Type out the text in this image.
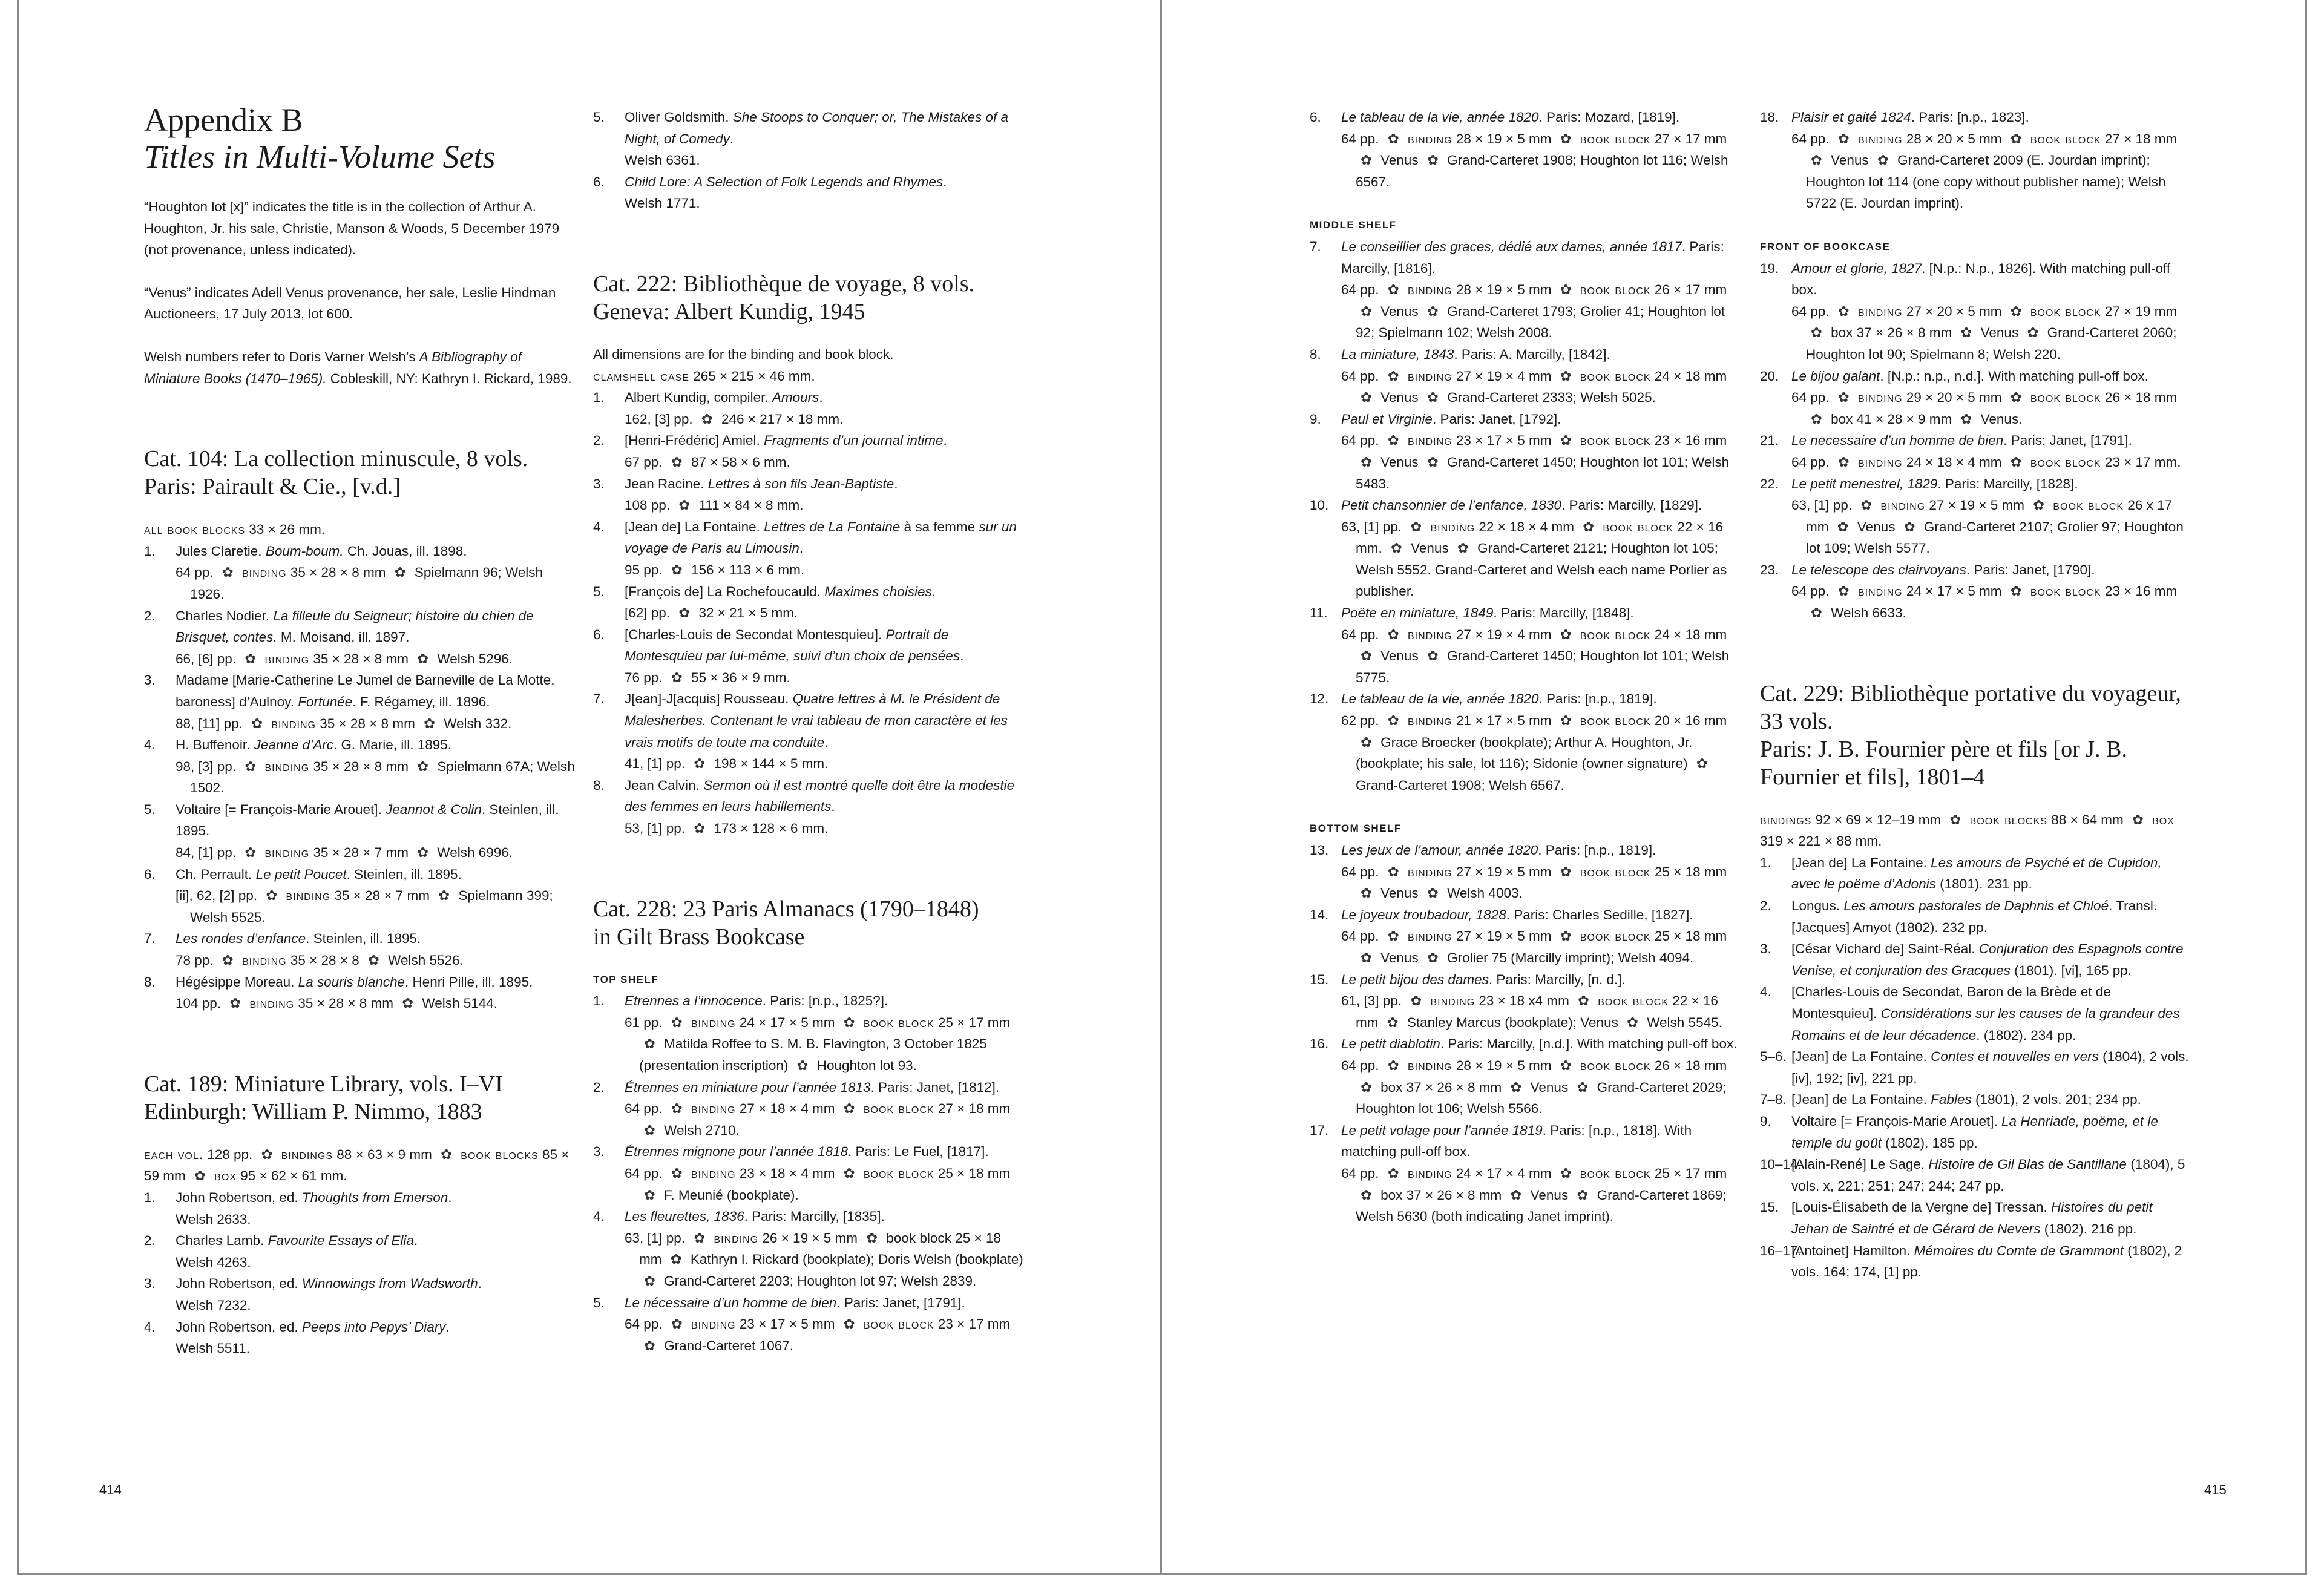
Appendix B
Titles in Multi-Volume Sets
“Houghton lot [x]” indicates the title is in the collection of Arthur A. Houghton, Jr. his sale, Christie, Manson & Woods, 5 December 1979 (not provenance, unless indicated).
“Venus” indicates Adell Venus provenance, her sale, Leslie Hindman Auctioneers, 17 July 2013, lot 600.
Welsh numbers refer to Doris Varner Welsh’s A Bibliography of Miniature Books (1470–1965). Cobleskill, NY: Kathryn I. Rickard, 1989.
Cat. 104: La collection minuscule, 8 vols.
Paris: Pairault & Cie., [v.d.]
all book blocks 33 × 26 mm.
1. Jules Claretie. Boum-boum. Ch. Jouas, ill. 1898.
64 pp. ✿ binding 35 × 28 × 8 mm ✿ Spielmann 96; Welsh 1926.
2. Charles Nodier. La filleule du Seigneur; histoire du chien de Brisquet, contes. M. Moisand, ill. 1897.
66, [6] pp. ✿ binding 35 × 28 × 8 mm ✿ Welsh 5296.
3. Madame [Marie-Catherine Le Jumel de Barneville de La Motte, baroness] d’Aulnoy. Fortunée. F. Régamey, ill. 1896.
88, [11] pp. ✿ binding 35 × 28 × 8 mm ✿ Welsh 332.
4. H. Buffenoir. Jeanne d’Arc. G. Marie, ill. 1895.
98, [3] pp. ✿ binding 35 × 28 × 8 mm ✿ Spielmann 67A; Welsh 1502.
5. Voltaire [= François-Marie Arouet]. Jeannot & Colin. Steinlen, ill. 1895.
84, [1] pp. ✿ binding 35 × 28 × 7 mm ✿ Welsh 6996.
6. Ch. Perrault. Le petit Poucet. Steinlen, ill. 1895.
[ii], 62, [2] pp. ✿ binding 35 × 28 × 7 mm ✿ Spielmann 399; Welsh 5525.
7. Les rondes d’enfance. Steinlen, ill. 1895.
78 pp. ✿ binding 35 × 28 × 8 ✿ Welsh 5526.
8. Hégésippe Moreau. La souris blanche. Henri Pille, ill. 1895.
104 pp. ✿ binding 35 × 28 × 8 mm ✿ Welsh 5144.
Cat. 189: Miniature Library, vols. I–VI
Edinburgh: William P. Nimmo, 1883
each vol. 128 pp. ✿ bindings 88 × 63 × 9 mm ✿ book blocks 85 × 59 mm ✿ box 95 × 62 × 61 mm.
1. John Robertson, ed. Thoughts from Emerson.
Welsh 2633.
2. Charles Lamb. Favourite Essays of Elia.
Welsh 4263.
3. John Robertson, ed. Winnowings from Wadsworth.
Welsh 7232.
4. John Robertson, ed. Peeps into Pepys’ Diary.
Welsh 5511.
5. Oliver Goldsmith. She Stoops to Conquer; or, The Mistakes of a Night, of Comedy.
Welsh 6361.
6. Child Lore: A Selection of Folk Legends and Rhymes.
Welsh 1771.
Cat. 222: Bibliothèque de voyage, 8 vols.
Geneva: Albert Kundig, 1945
All dimensions are for the binding and book block.
clamshell case 265 × 215 × 46 mm.
1. Albert Kundig, compiler. Amours.
162, [3] pp. ✿ 246 × 217 × 18 mm.
2. [Henri-Frédéric] Amiel. Fragments d’un journal intime.
67 pp. ✿ 87 × 58 × 6 mm.
3. Jean Racine. Lettres à son fils Jean-Baptiste.
108 pp. ✿ 111 × 84 × 8 mm.
4. [Jean de] La Fontaine. Lettres de La Fontaine à sa femme sur un voyage de Paris au Limousin.
95 pp. ✿ 156 × 113 × 6 mm.
5. [François de] La Rochefoucauld. Maximes choisies.
[62] pp. ✿ 32 × 21 × 5 mm.
6. [Charles-Louis de Secondat Montesquieu]. Portrait de Montesquieu par lui-même, suivi d’un choix de pensées.
76 pp. ✿ 55 × 36 × 9 mm.
7. J[ean]-J[acquis] Rousseau. Quatre lettres à M. le Président de Malesherbes. Contenant le vrai tableau de mon caractère et les vrais motifs de toute ma conduite.
41, [1] pp. ✿ 198 × 144 × 5 mm.
8. Jean Calvin. Sermon où il est montré quelle doit être la modestie des femmes en leurs habillements.
53, [1] pp. ✿ 173 × 128 × 6 mm.
Cat. 228: 23 Paris Almanacs (1790–1848)
in Gilt Brass Bookcase
TOP SHELF
1. Etrennes a l’innocence. Paris: [n.p., 1825?].
61 pp. ✿ binding 24 × 17 × 5 mm ✿ book block 25 × 17 mm ✿ Matilda Roffee to S. M. B. Flavington, 3 October 1825 (presentation inscription) ✿ Houghton lot 93.
2. Étrennes en miniature pour l’année 1813. Paris: Janet, [1812].
64 pp. ✿ binding 27 × 18 × 4 mm ✿ book block 27 × 18 mm ✿ Welsh 2710.
3. Étrennes mignone pour l’année 1818. Paris: Le Fuel, [1817].
64 pp. ✿ binding 23 × 18 × 4 mm ✿ book block 25 × 18 mm ✿ F. Meunié (bookplate).
4. Les fleurettes, 1836. Paris: Marcilly, [1835].
63, [1] pp. ✿ binding 26 × 19 × 5 mm ✿ book block 25 × 18 mm ✿ Kathryn I. Rickard (bookplate); Doris Welsh (bookplate) ✿ Grand-Carteret 2203; Houghton lot 97; Welsh 2839.
5. Le nécessaire d’un homme de bien. Paris: Janet, [1791].
64 pp. ✿ binding 23 × 17 × 5 mm ✿ book block 23 × 17 mm ✿ Grand-Carteret 1067.
6. Le tableau de la vie, année 1820. Paris: Mozard, [1819].
64 pp. ✿ binding 28 × 19 × 5 mm ✿ book block 27 × 17 mm ✿ Venus ✿ Grand-Carteret 1908; Houghton lot 116; Welsh 6567.
MIDDLE SHELF
7. Le conseillier des graces, dédié aux dames, année 1817. Paris: Marcilly, [1816].
64 pp. ✿ binding 28 × 19 × 5 mm ✿ book block 26 × 17 mm ✿ Venus ✿ Grand-Carteret 1793; Grolier 41; Houghton lot 92; Spielmann 102; Welsh 2008.
8. La miniature, 1843. Paris: A. Marcilly, [1842].
64 pp. ✿ binding 27 × 19 × 4 mm ✿ book block 24 × 18 mm ✿ Venus ✿ Grand-Carteret 2333; Welsh 5025.
9. Paul et Virginie. Paris: Janet, [1792].
64 pp. ✿ binding 23 × 17 × 5 mm ✿ book block 23 × 16 mm ✿ Venus ✿ Grand-Carteret 1450; Houghton lot 101; Welsh 5483.
10. Petit chansonnier de l’enfance, 1830. Paris: Marcilly, [1829].
63, [1] pp. ✿ binding 22 × 18 × 4 mm ✿ book block 22 × 16 mm. ✿ Venus ✿ Grand-Carteret 2121; Houghton lot 105; Welsh 5552. Grand-Carteret and Welsh each name Porlier as publisher.
11. Poëte en miniature, 1849. Paris: Marcilly, [1848].
64 pp. ✿ binding 27 × 19 × 4 mm ✿ book block 24 × 18 mm ✿ Venus ✿ Grand-Carteret 1450; Houghton lot 101; Welsh 5775.
12. Le tableau de la vie, année 1820. Paris: [n.p., 1819].
62 pp. ✿ binding 21 × 17 × 5 mm ✿ book block 20 × 16 mm ✿ Grace Broecker (bookplate); Arthur A. Houghton, Jr. (bookplate; his sale, lot 116); Sidonie (owner signature) ✿ Grand-Carteret 1908; Welsh 6567.
BOTTOM SHELF
13. Les jeux de l’amour, année 1820. Paris: [n.p., 1819].
64 pp. ✿ binding 27 × 19 × 5 mm ✿ book block 25 × 18 mm ✿ Venus ✿ Welsh 4003.
14. Le joyeux troubadour, 1828. Paris: Charles Sedille, [1827].
64 pp. ✿ binding 27 × 19 × 5 mm ✿ book block 25 × 18 mm ✿ Venus ✿ Grolier 75 (Marcilly imprint); Welsh 4094.
15. Le petit bijou des dames. Paris: Marcilly, [n. d.].
61, [3] pp. ✿ binding 23 × 18 x4 mm ✿ book block 22 × 16 mm ✿ Stanley Marcus (bookplate); Venus ✿ Welsh 5545.
16. Le petit diablotin. Paris: Marcilly, [n.d.]. With matching pull-off box.
64 pp. ✿ binding 28 × 19 × 5 mm ✿ book block 26 × 18 mm ✿ box 37 × 26 × 8 mm ✿ Venus ✿ Grand-Carteret 2029; Houghton lot 106; Welsh 5566.
17. Le petit volage pour l’année 1819. Paris: [n.p., 1818]. With matching pull-off box.
64 pp. ✿ binding 24 × 17 × 4 mm ✿ book block 25 × 17 mm ✿ box 37 × 26 × 8 mm ✿ Venus ✿ Grand-Carteret 1869; Welsh 5630 (both indicating Janet imprint).
18. Plaisir et gaité 1824. Paris: [n.p., 1823].
64 pp. ✿ binding 28 × 20 × 5 mm ✿ book block 27 × 18 mm ✿ Venus ✿ Grand-Carteret 2009 (E. Jourdan imprint); Houghton lot 114 (one copy without publisher name); Welsh 5722 (E. Jourdan imprint).
FRONT OF BOOKCASE
19. Amour et glorie, 1827. [N.p.: N.p., 1826]. With matching pull-off box.
64 pp. ✿ binding 27 × 20 × 5 mm ✿ book block 27 × 19 mm ✿ box 37 × 26 × 8 mm ✿ Venus ✿ Grand-Carteret 2060; Houghton lot 90; Spielmann 8; Welsh 220.
20. Le bijou galant. [N.p.: n.p., n.d.]. With matching pull-off box.
64 pp. ✿ binding 29 × 20 × 5 mm ✿ book block 26 × 18 mm ✿ box 41 × 28 × 9 mm ✿ Venus.
21. Le necessaire d’un homme de bien. Paris: Janet, [1791].
64 pp. ✿ binding 24 × 18 × 4 mm ✿ book block 23 × 17 mm.
22. Le petit menestrel, 1829. Paris: Marcilly, [1828].
63, [1] pp. ✿ binding 27 × 19 × 5 mm ✿ book block 26 x 17 mm ✿ Venus ✿ Grand-Carteret 2107; Grolier 97; Houghton lot 109; Welsh 5577.
23. Le telescope des clairvoyans. Paris: Janet, [1790].
64 pp. ✿ binding 24 × 17 × 5 mm ✿ book block 23 × 16 mm ✿ Welsh 6633.
Cat. 229: Bibliothèque portative du voyageur, 33 vols.
Paris: J. B. Fournier père et fils [or J. B. Fournier et fils], 1801–4
bindings 92 × 69 × 12–19 mm ✿ book blocks 88 × 64 mm ✿ box 319 × 221 × 88 mm.
1. [Jean de] La Fontaine. Les amours de Psyché et de Cupidon, avec le poëme d’Adonis (1801). 231 pp.
2. Longus. Les amours pastorales de Daphnis et Chloé. Transl. [Jacques] Amyot (1802). 232 pp.
3. [César Vichard de] Saint-Réal. Conjuration des Espagnols contre Venise, et conjuration des Gracques (1801). [vi], 165 pp.
4. [Charles-Louis de Secondat, Baron de la Brède et de Montesquieu]. Considérations sur les causes de la grandeur des Romains et de leur décadence. (1802). 234 pp.
5–6. [Jean] de La Fontaine. Contes et nouvelles en vers (1804), 2 vols. [iv], 192; [iv], 221 pp.
7–8. [Jean] de La Fontaine. Fables (1801), 2 vols. 201; 234 pp.
9. Voltaire [= François-Marie Arouet]. La Henriade, poëme, et le temple du goût (1802). 185 pp.
10–14.
[Alain-René] Le Sage. Histoire de Gil Blas de Santillane (1804), 5 vols. x, 221; 251; 247; 244; 247 pp.
15. [Louis-Élisabeth de la Vergne de] Tressan. Histoires du petit Jehan de Saintré et de Gérard de Nevers (1802). 216 pp.
16–17.
[Antoinet] Hamilton. Mémoires du Comte de Grammont (1802), 2 vols. 164; 174, [1] pp.
414	415
